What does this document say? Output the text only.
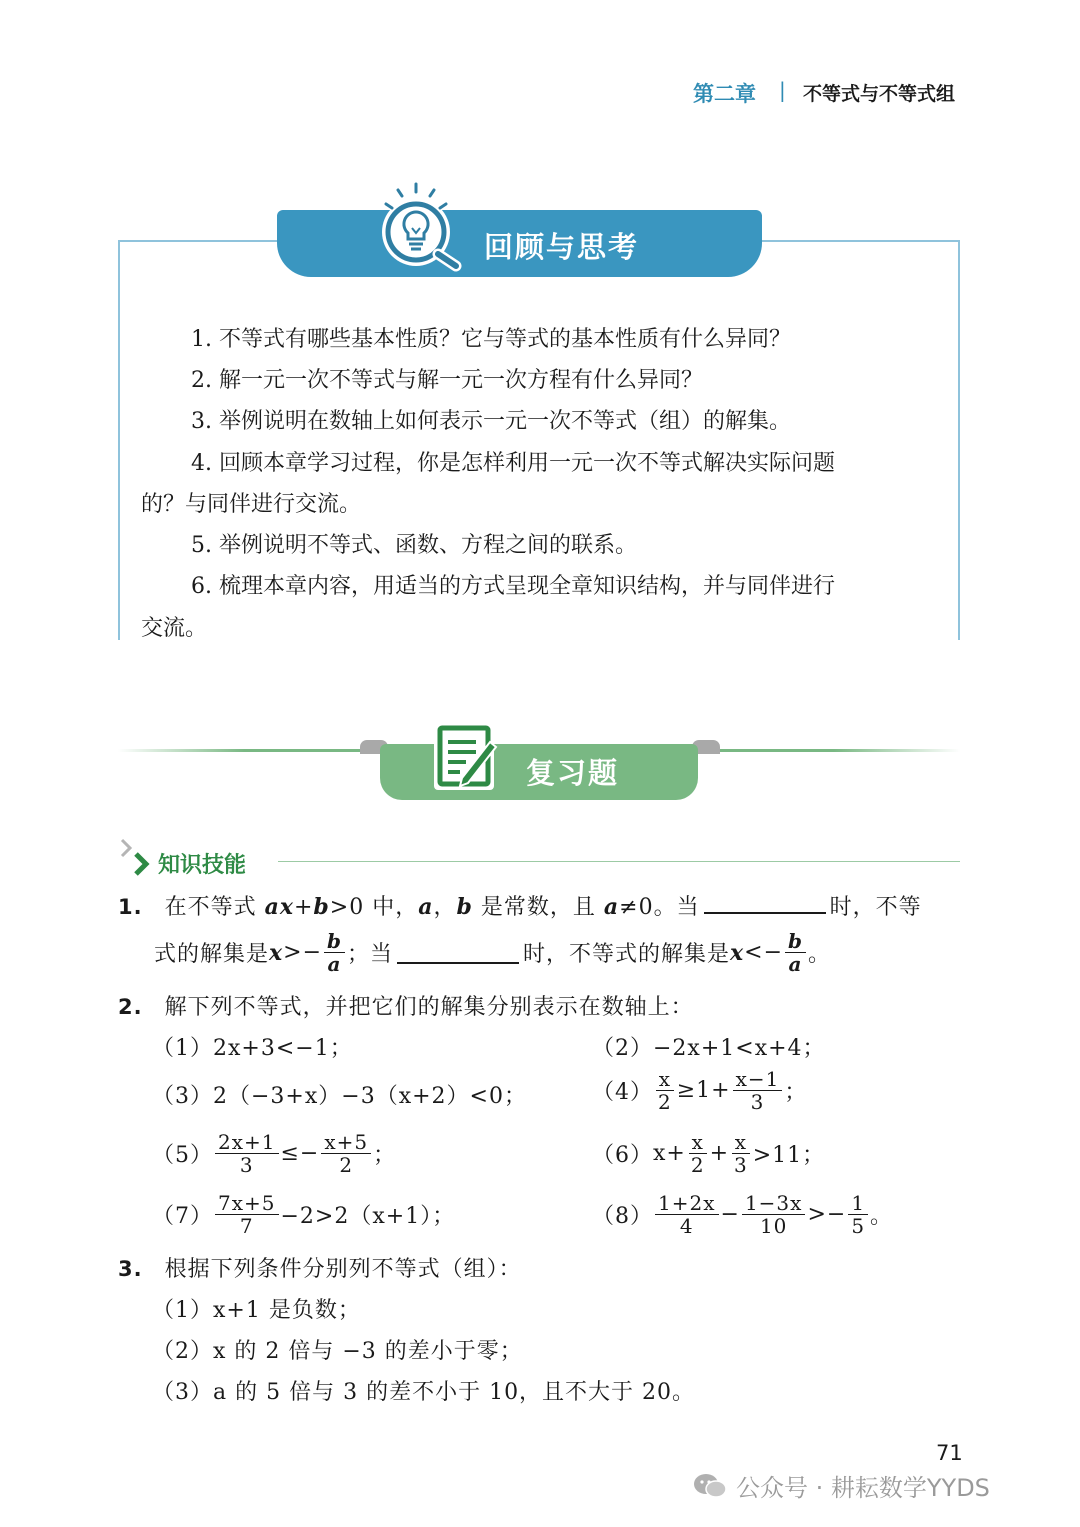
第二章 | 不等式与不等式组
回顾与思考
1. 不等式有哪些基本性质？它与等式的基本性质有什么异同？
2. 解一元一次不等式与解一元一次方程有什么异同？
3. 举例说明在数轴上如何表示一元一次不等式（组）的解集。
4. 回顾本章学习过程，你是怎样利用一元一次不等式解决实际问题
的？与同伴进行交流。
5. 举例说明不等式、函数、方程之间的联系。
6. 梳理本章内容，用适当的方式呈现全章知识结构，并与同伴进行
交流。
复习题
知识技能
1. 在不等式 ax+b>0 中，a，b 是常数，且 a≠0。当	时，不等
式的解集是 $x >- \frac{b}{a}$ ；当	时，不等式的解集是 $x <- \frac{b}{a}$ 。
2. 解下列不等式，并把它们的解集分别表示在数轴上：
（1）2x+3<−1；	（2）−2x+1<x+4；
（3）2（−3+x）−3（x+2）<0；	$(4) \frac{x}{2} \ge 1+ \frac{x-1}{3}$ ；
$(5) \frac{2x+1}{3} \le- \frac{x+5}{2}$ ；	（6） $x+ \frac{x}{2} + \frac{x}{3} >11$；
$(7) \frac{7x+5}{7} -2>2(x+1)$；	$(8) \frac{1+2x}{4} - \frac{1-3x}{10} >- \frac{1}{5}$ 。
3. 根据下列条件分别列不等式（组）：
（1）x+1 是负数；
（2）x 的 2 倍与 −3 的差小于零；
（3）a 的 5 倍与 3 的差不小于 10，且不大于 20。
71
公众号 · 耕耘数学YYDS
